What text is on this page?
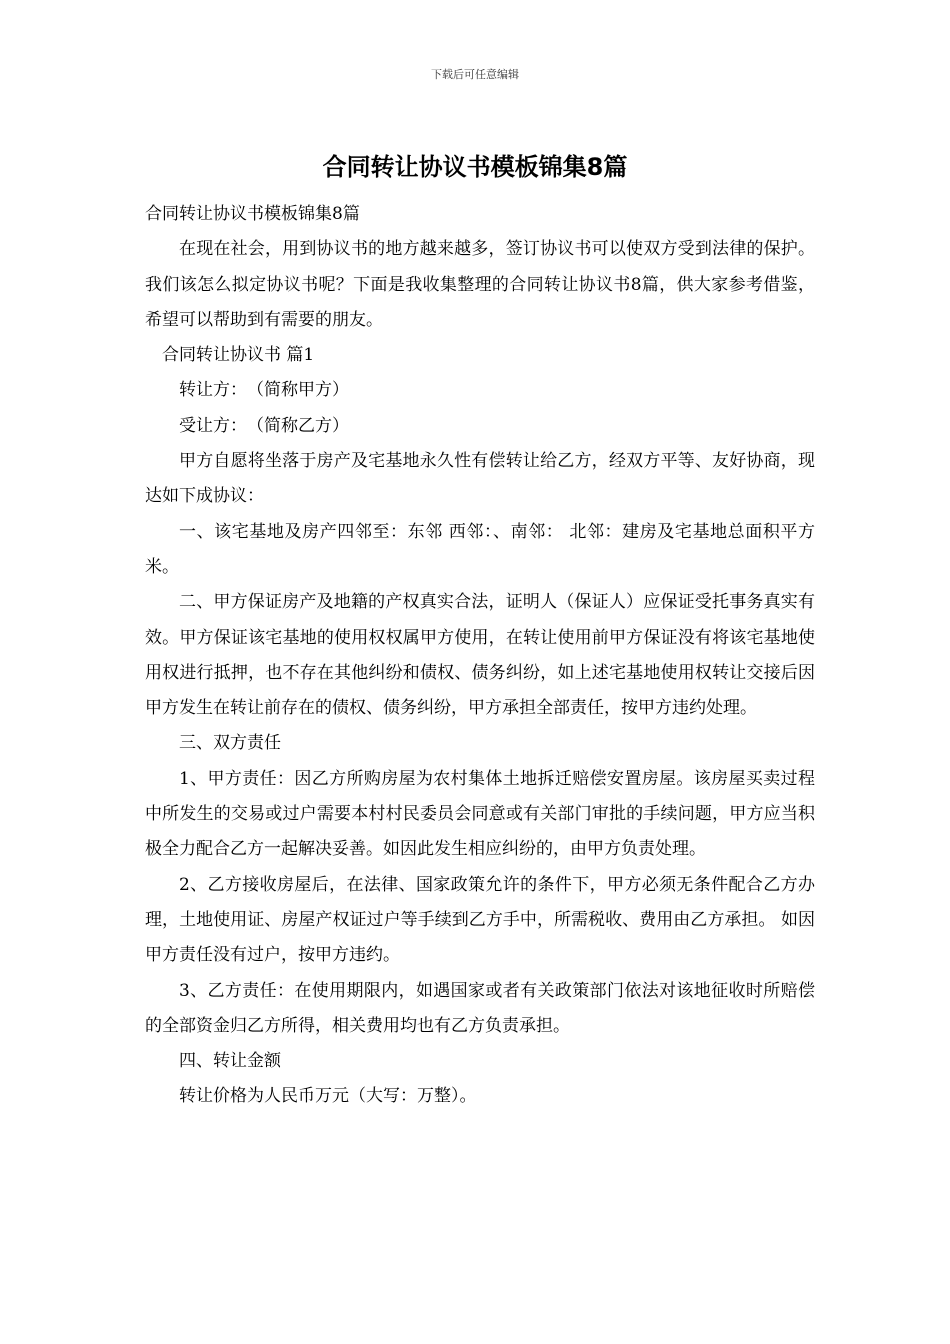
下载后可任意编辑
合同转让协议书模板锦集8篇

合同转让协议书模板锦集8篇

在现在社会，用到协议书的地方越来越多，签订协议书可以使双方受到法律的保护。我们该怎么拟定协议书呢？下面是我收集整理的合同转让协议书8篇，供大家参考借鉴，希望可以帮助到有需要的朋友。

合同转让协议书 篇1

转让方：　（简称甲方）

受让方：　（简称乙方）

甲方自愿将坐落于房产及宅基地永久性有偿转让给乙方，经双方平等、友好协商，现达如下成协议：

一、该宅基地及房产四邻至：东邻 西邻：、南邻： 北邻：建房及宅基地总面积平方米。

二、甲方保证房产及地籍的产权真实合法，证明人（保证人）应保证受托事务真实有效。甲方保证该宅基地的使用权权属甲方使用，在转让使用前甲方保证没有将该宅基地使用权进行抵押，也不存在其他纠纷和债权、债务纠纷，如上述宅基地使用权转让交接后因甲方发生在转让前存在的债权、债务纠纷，甲方承担全部责任，按甲方违约处理。

三、双方责任

1、甲方责任：因乙方所购房屋为农村集体土地拆迁赔偿安置房屋。该房屋买卖过程中所发生的交易或过户需要本村村民委员会同意或有关部门审批的手续问题，甲方应当积极全力配合乙方一起解决妥善。如因此发生相应纠纷的，由甲方负责处理。

2、乙方接收房屋后，在法律、国家政策允许的条件下，甲方必须无条件配合乙方办理，土地使用证、房屋产权证过户等手续到乙方手中，所需税收、费用由乙方承担。 如因甲方责任没有过户，按甲方违约。

3、乙方责任：在使用期限内，如遇国家或者有关政策部门依法对该地征收时所赔偿的全部资金归乙方所得，相关费用均也有乙方负责承担。

四、转让金额

转让价格为人民币万元（大写：万整）。
